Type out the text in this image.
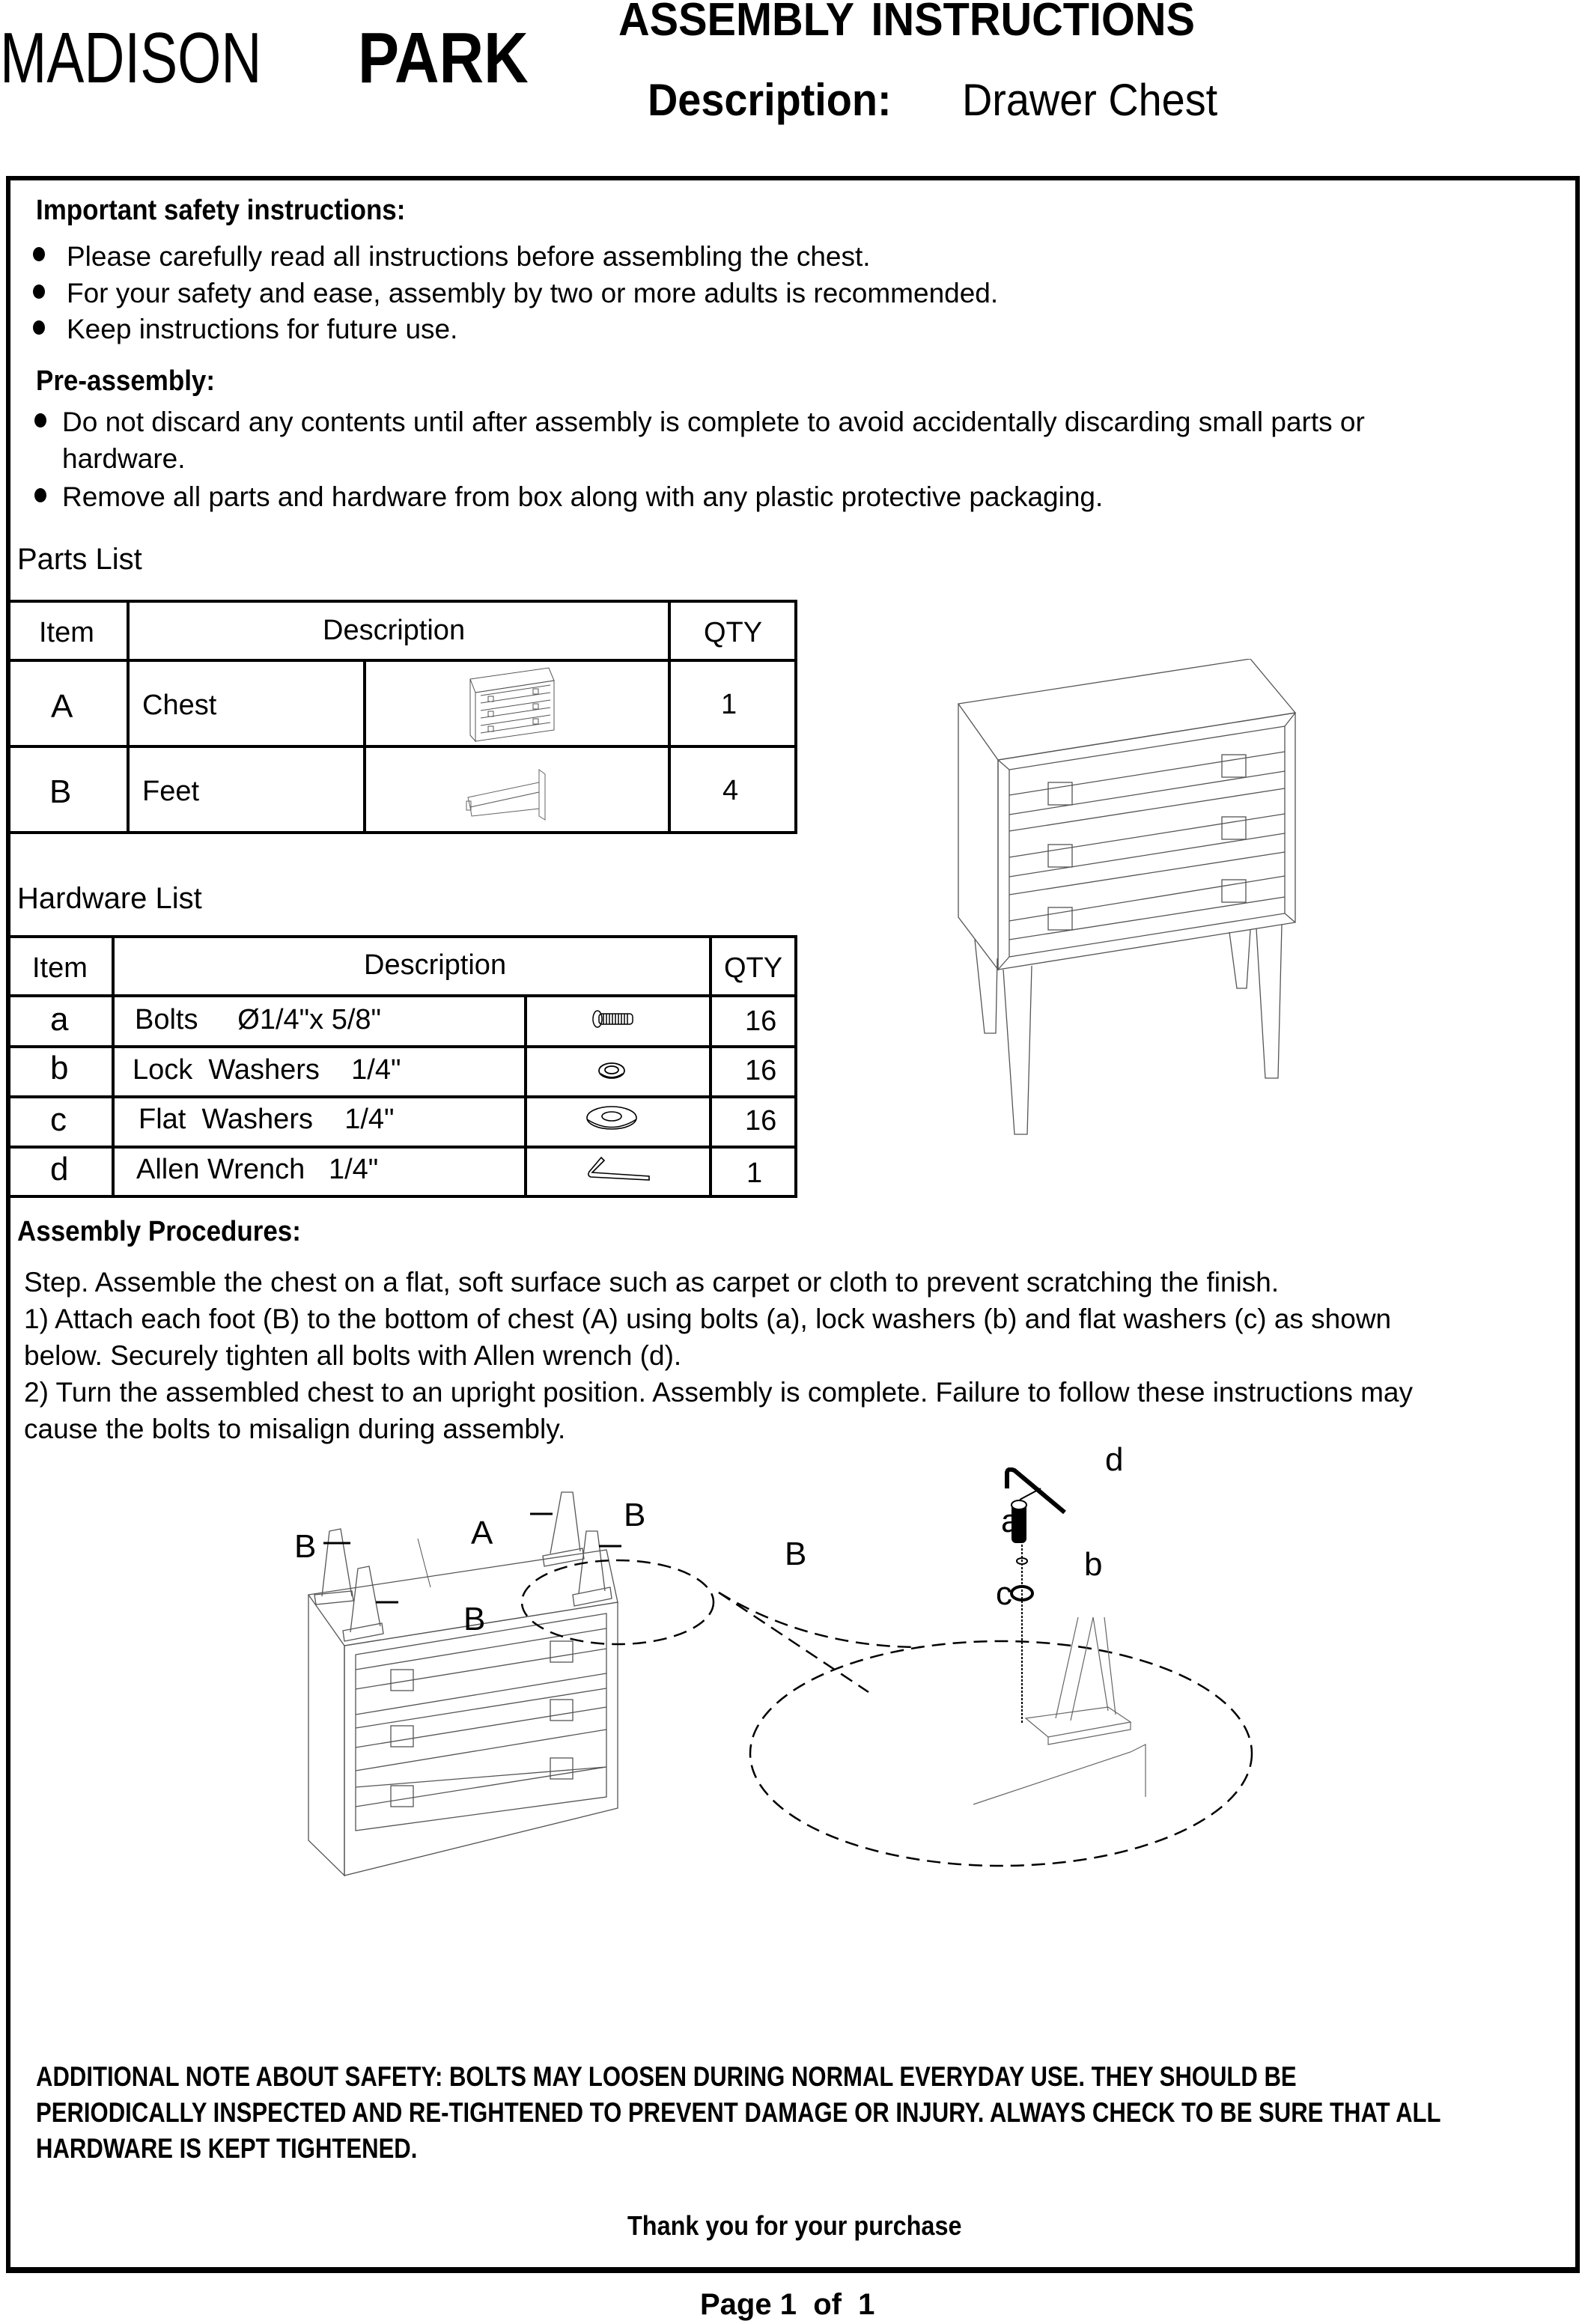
MADISON PARK ASSEMBLY INSTRUCTIONS
Description: Drawer Chest
Important safety instructions:
Please carefully read all instructions before assembling the chest.
For your safety and ease, assembly by two or more adults is recommended.
Keep instructions for future use.
Pre-assembly:
Do not discard any contents until after assembly is complete to avoid accidentally discarding small parts or
hardware.
Remove all parts and hardware from box along with any plastic protective packaging.
Parts List
Item	Description	QTY
A Chest	1
B Feet	4
Hardware List
Item	Description	QTY
a Bolts     Ø1/4"x 5/8"	16
b Lock  Washers    1/4"	16
c	Flat  Washers    1/4"	16
d Allen Wrench   1/4"	1
Assembly Procedures:
Step. Assemble the chest on a flat, soft surface such as carpet or cloth to prevent scratching the finish.
1) Attach each foot (B) to the bottom of chest (A) using bolts (a), lock washers (b) and flat washers (c) as shown
below. Securely tighten all bolts with Allen wrench (d).
2) Turn the assembled chest to an upright position. Assembly is complete. Failure to follow these instructions may
cause the bolts to misalign during assembly.
B	A
B
B
B
d
a
b
c
ADDITIONAL NOTE ABOUT SAFETY: BOLTS MAY LOOSEN DURING NORMAL EVERYDAY USE. THEY SHOULD BE
PERIODICALLY INSPECTED AND RE-TIGHTENED TO PREVENT DAMAGE OR INJURY. ALWAYS CHECK TO BE SURE THAT ALL
HARDWARE IS KEPT TIGHTENED.
Thank you for your purchase
Page 1  of  1
